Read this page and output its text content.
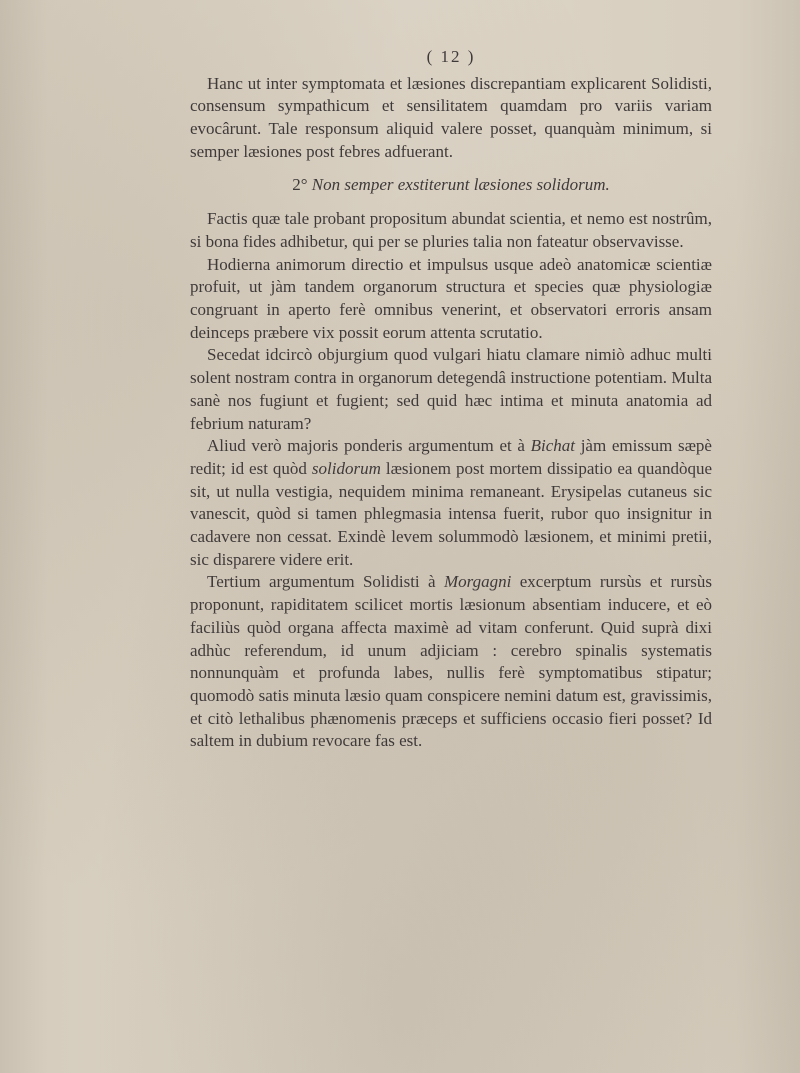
( 12 )

Hanc ut inter symptomata et læsiones discrepantiam explicarent Solidisti, consensum sympathicum et sensilitatem quamdam pro variis variam evocârunt. Tale responsum aliquid valere posset, quanquàm minimum, si semper læsiones post febres adfuerant.

2° Non semper exstiterunt læsiones solidorum.

Factis quæ tale probant propositum abundat scientia, et nemo est nostrûm, si bona fides adhibetur, qui per se pluries talia non fateatur observavisse.

Hodierna animorum directio et impulsus usque adeò anatomicæ scientiæ profuit, ut jàm tandem organorum structura et species quæ physiologiæ congruant in aperto ferè omnibus venerint, et observatori erroris ansam deinceps præbere vix possit eorum attenta scrutatio.

Secedat idcircò objurgium quod vulgari hiatu clamare nimiò adhuc multi solent nostram contra in organorum detegendâ instructione potentiam. Multa sanè nos fugiunt et fugient; sed quid hæc intima et minuta anatomia ad febrium naturam?

Aliud verò majoris ponderis argumentum et à Bichat jàm emissum sæpè redit; id est quòd solidorum læsionem post mortem dissipatio ea quandòque sit, ut nulla vestigia, nequidem minima remaneant. Erysipelas cutaneus sic vanescit, quòd si tamen phlegmasia intensa fuerit, rubor quo insignitur in cadavere non cessat. Exindè levem solummodò læsionem, et minimi pretii, sic disparere videre erit.

Tertium argumentum Solidisti à Morgagni excerptum rursùs et rursùs proponunt, rapiditatem scilicet mortis læsionum absentiam inducere, et eò faciliùs quòd organa affecta maximè ad vitam conferunt. Quid suprà dixi adhùc referendum, id unum adjiciam : cerebro spinalis systematis nonnunquàm et profunda labes, nullis ferè symptomatibus stipatur; quomodò satis minuta læsio quam conspicere nemini datum est, gravissimis, et citò lethalibus phænomenis præceps et sufficiens occasio fieri posset? Id saltem in dubium revocare fas est.
